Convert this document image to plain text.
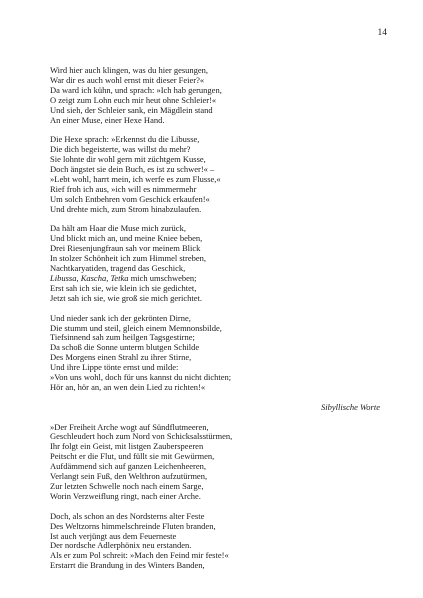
14
Wird hier auch klingen, was du hier gesungen,
War dir es auch wohl ernst mit dieser Feier?«
Da ward ich kühn, und sprach: »Ich hab gerungen,
O zeigt zum Lohn euch mir heut ohne Schleier!«
Und sieh, der Schleier sank, ein Mägdlein stand
An einer Muse, einer Hexe Hand.
Die Hexe sprach: »Erkennst du die Libusse,
Die dich begeisterte, was willst du mehr?
Sie lohnte dir wohl gern mit züchtgem Kusse,
Doch ängstet sie dein Buch, es ist zu schwer!« –
»Lebt wohl, harrt mein, ich werfe es zum Flusse,«
Rief froh ich aus, »ich will es nimmermehr
Um solch Entbehren vom Geschick erkaufen!«
Und drehte mich, zum Strom hinabzulaufen.
Da hält am Haar die Muse mich zurück,
Und blickt mich an, und meine Kniee beben,
Drei Riesenjungfraun sah vor meinem Blick
In stolzer Schönheit ich zum Himmel streben,
Nachtkaryatiden, tragend das Geschick,
Libussa, Kascha, Tetka mich umschweben;
Erst sah ich sie, wie klein ich sie gedichtet,
Jetzt sah ich sie, wie groß sie mich gerichtet.
Und nieder sank ich der gekrönten Dirne,
Die stumm und steil, gleich einem Memnonsbilde,
Tiefsinnend sah zum heilgen Tagsgestirne;
Da schoß die Sonne unterm blutgen Schilde
Des Morgens einen Strahl zu ihrer Stirne,
Und ihre Lippe tönte ernst und milde:
»Von uns wohl, doch für uns kannst du nicht dichten;
Hör an, hör an, an wen dein Lied zu richten!«
Sibyllische Worte
»Der Freiheit Arche wogt auf Sündflutmeeren,
Geschleudert hoch zum Nord von Schicksalsstürmen,
Ihr folgt ein Geist, mit listgen Zauberspeeren
Peitscht er die Flut, und füllt sie mit Gewürmen,
Aufdämmend sich auf ganzen Leichenheeren,
Verlangt sein Fuß, den Welthron aufzutürmen,
Zur letzten Schwelle noch nach einem Sarge,
Worin Verzweiflung ringt, nach einer Arche.
Doch, als schon an des Nordsterns alter Feste
Des Weltzorns himmelschreinde Fluten branden,
Ist auch verjüngt aus dem Feuerneste
Der nordsche Adlerphönix neu erstanden.
Als er zum Pol schreit: »Mach den Feind mir feste!«
Erstarrt die Brandung in des Winters Banden,
